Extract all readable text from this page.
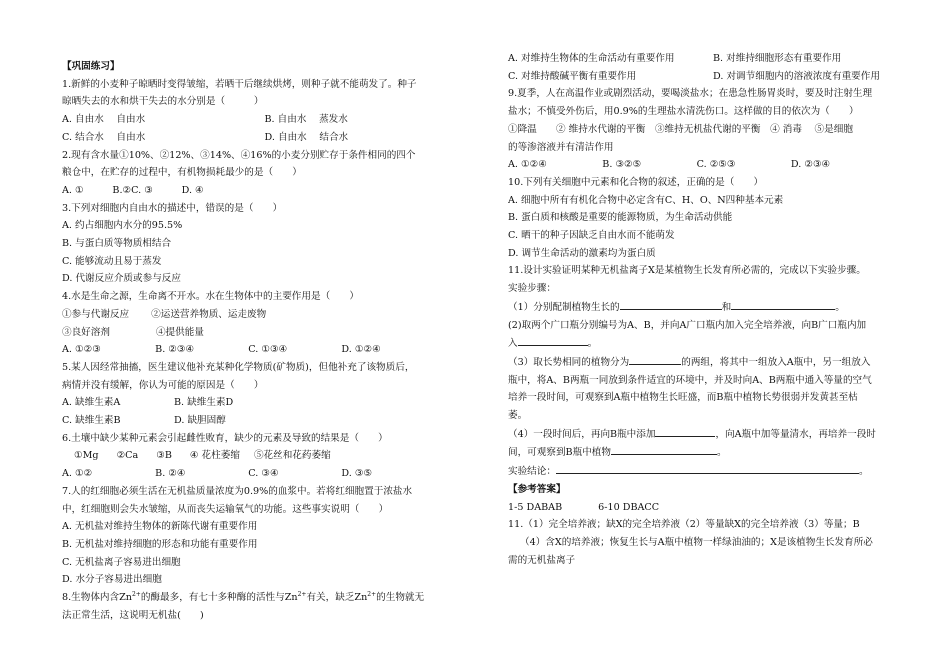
【巩固练习】
1.新鲜的小麦种子晾晒时变得皱缩，若晒干后继续烘烤，则种子就不能萌发了。种子
晾晒失去的水和烘干失去的水分别是（　　　）
A. 自由水　 自由水	B. 自由水　 蒸发水
C. 结合水　 自由水	D. 自由水　 结合水
2.现有含水量①10%、②12%、③14%、④16%的小麦分别贮存于条件相同的四个
粮仓中，在贮存的过程中，有机物损耗最少的是（　　）
A. ①　　　B.②C. ③　　　D. ④
3.下列对细胞内自由水的描述中，错误的是（　　）
A. 约占细胞内水分的95.5%
B. 与蛋白质等物质相结合
C. 能够流动且易于蒸发
D. 代谢反应介质或参与反应
4.水是生命之源，生命离不开水。水在生物体中的主要作用是（　　）
①参与代谢反应 ②运送营养物质、运走废物
③良好溶剂	④提供能量
A. ①②③	B. ②③④	C. ①③④	D. ①②④
5.某人因经常抽搐，医生建议他补充某种化学物质(矿物质)，但他补充了该物质后，
病情并没有缓解，你认为可能的原因是（　　）
A. 缺维生素A	B. 缺维生素D
C. 缺维生素B	D. 缺胆固醇
6.土壤中缺少某种元素会引起雌性败育，缺少的元素及导致的结果是（　　）
①Mg ②Ca ③B ④ 花柱萎缩 ⑤花丝和花药萎缩
A. ①②	B. ②④	C. ③④	D. ③⑤
7.人的红细胞必须生活在无机盐质量浓度为0.9%的血浆中。若将红细胞置于浓盐水
中，红细胞则会失水皱缩，从而丧失运输氧气的功能。这些事实说明（　　）
A. 无机盐对维持生物体的新陈代谢有重要作用
B. 无机盐对维持细胞的形态和功能有重要作用
C. 无机盐离子容易进出细胞
D. 水分子容易进出细胞
8.生物体内含$Zn^{2+}$的酶最多，有七十多种酶的活性与$Zn^{2+}$有关，缺乏$Zn^{2+}$的生物就无
法正常生活，这说明无机盐(　　)
A. 对维持生物体的生命活动有重要作用	B. 对维持细胞形态有重要作用
C. 对维持酸碱平衡有重要作用	D. 对调节细胞内的溶液浓度有重要作用
9.夏季，人在高温作业或剧烈活动，要喝淡盐水；在患急性肠胃炎时，要及时注射生理
盐水；不慎受外伤后，用0.9%的生理盐水清洗伤口。这样做的目的依次为（　　）
①降温　　② 维持水代谢的平衡　③维持无机盐代谢的平衡　④ 消毒　 ⑤是细胞
的等渗溶液并有清洁作用
A. ①②④	B. ③②⑤	C. ②⑤③	D. ②③④
10.下列有关细胞中元素和化合物的叙述，正确的是（　　）
A. 细胞中所有有机化合物中必定含有C、H、O、N四种基本元素
B. 蛋白质和核酸是重要的能源物质，为生命活动供能
C. 晒干的种子因缺乏自由水而不能萌发
D. 调节生命活动的激素均为蛋白质
11.设计实验证明某种无机盐离子X是某植物生长发育所必需的，完成以下实验步骤。
实验步骤：
（1）分别配制植物生长的	和	。
(2)取两个广口瓶分别编号为A、B，并向A广口瓶内加入完全培养液，向B广口瓶内加
入	。
（3）取长势相同的植物分为	的两组，将其中一组放入A瓶中，另一组放入
瓶中，将A、B两瓶一同放到条件适宜的环境中，并及时向A、B两瓶中通入等量的空气
培养一段时间，可观察到A瓶中植物生长旺盛，而B瓶中植物长势很弱并发黄甚至枯
萎。
（4）一段时间后，再向B瓶中添加	，向A瓶中加等量清水，再培养一段时
间，可观察到B瓶中植物	。
实验结论：	。
【参考答案】
1-5 DABAB	6-10 DBACC
11.（1）完全培养液；缺X的完全培养液（2）等量缺X的完全培养液（3）等量；B
（4）含X的培养液；恢复生长与A瓶中植物一样绿油油的；X是该植物生长发育所必
需的无机盐离子
